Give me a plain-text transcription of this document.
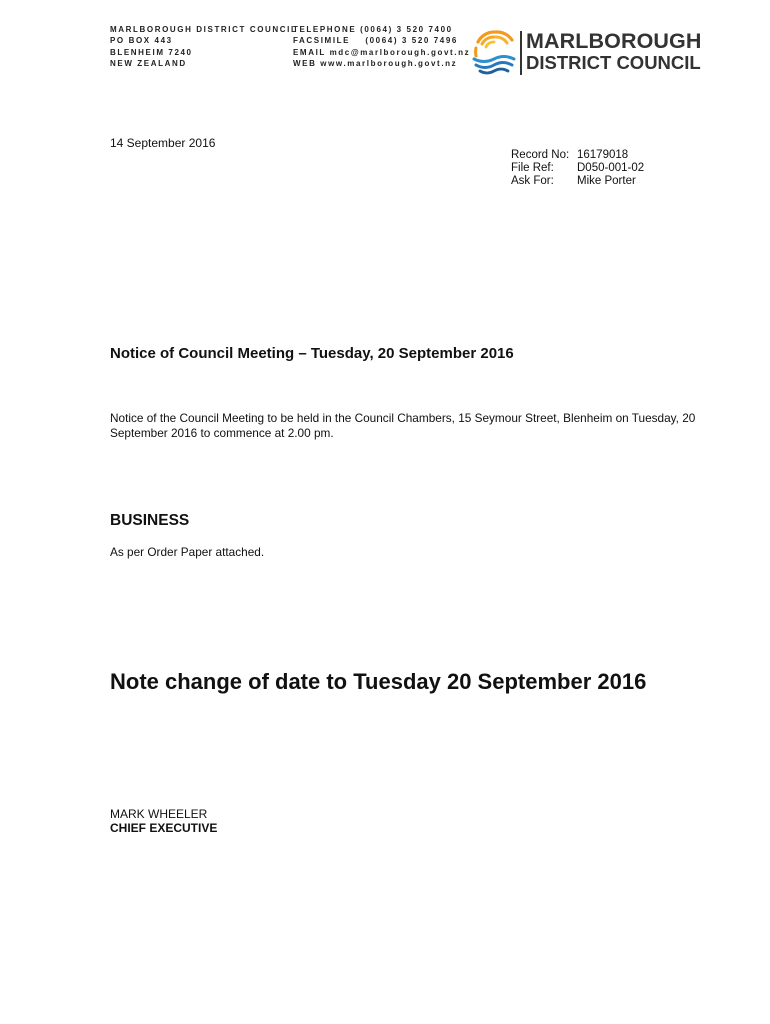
MARLBOROUGH DISTRICT COUNCIL
PO BOX 443
BLENHEIM 7240
NEW ZEALAND
TELEPHONE (0064) 3 520 7400
FACSIMILE    (0064) 3 520 7496
EMAIL mdc@marlborough.govt.nz
WEB www.marlborough.govt.nz
MARLBOROUGH
DISTRICT COUNCIL
14 September 2016
Record No:	16179018
File Ref:	D050-001-02
Ask For:	Mike Porter
Notice of Council Meeting – Tuesday, 20 September 2016
Notice of the Council Meeting to be held in the Council Chambers, 15 Seymour Street, Blenheim on Tuesday, 20 September 2016 to commence at 2.00 pm.
BUSINESS
As per Order Paper attached.
Note change of date to Tuesday 20 September 2016
MARK WHEELER
CHIEF EXECUTIVE
